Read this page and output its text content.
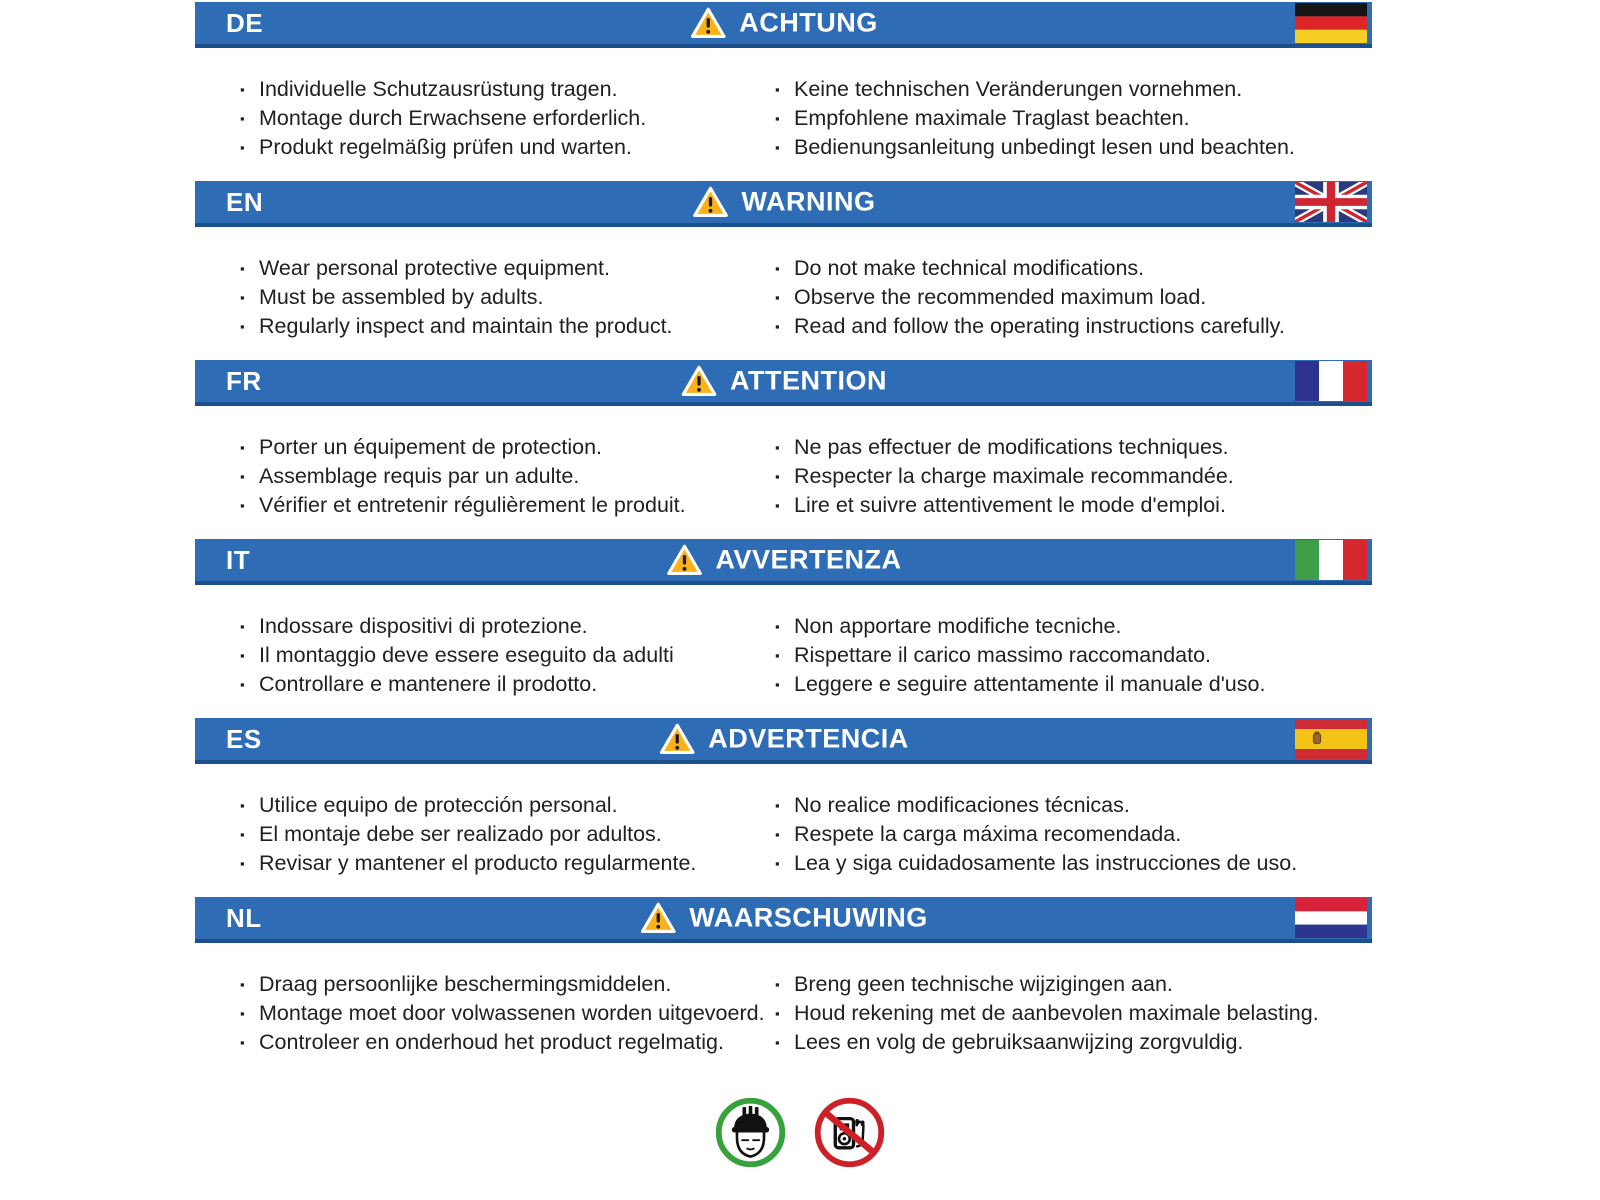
DE	ACHTUNG
▪ Individuelle Schutzausrüstung tragen.
▪ Montage durch Erwachsene erforderlich.
▪ Produkt regelmäßig prüfen und warten.
▪ Keine technischen Veränderungen vornehmen.
▪ Empfohlene maximale Traglast beachten.
▪ Bedienungsanleitung unbedingt lesen und beachten.
EN	WARNING
▪ Wear personal protective equipment.
▪ Must be assembled by adults.
▪ Regularly inspect and maintain the product.
▪ Do not make technical modifications.
▪ Observe the recommended maximum load.
▪ Read and follow the operating instructions carefully.
FR	ATTENTION
▪ Porter un équipement de protection.
▪ Assemblage requis par un adulte.
▪ Vérifier et entretenir régulièrement le produit.
▪ Ne pas effectuer de modifications techniques.
▪ Respecter la charge maximale recommandée.
▪ Lire et suivre attentivement le mode d'emploi.
IT	AVVERTENZA
▪ Indossare dispositivi di protezione.
▪ Il montaggio deve essere eseguito da adulti
▪ Controllare e mantenere il prodotto.
▪ Non apportare modifiche tecniche.
▪ Rispettare il carico massimo raccomandato.
▪ Leggere e seguire attentamente il manuale d'uso.
ES	ADVERTENCIA
▪ Utilice equipo de protección personal.
▪ El montaje debe ser realizado por adultos.
▪ Revisar y mantener el producto regularmente.
▪ No realice modificaciones técnicas.
▪ Respete la carga máxima recomendada.
▪ Lea y siga cuidadosamente las instrucciones de uso.
NL	WAARSCHUWING
▪ Draag persoonlijke beschermingsmiddelen.
▪ Montage moet door volwassenen worden uitgevoerd.
▪ Controleer en onderhoud het product regelmatig.
▪ Breng geen technische wijzigingen aan.
▪ Houd rekening met de aanbevolen maximale belasting.
▪ Lees en volg de gebruiksaanwijzing zorgvuldig.
